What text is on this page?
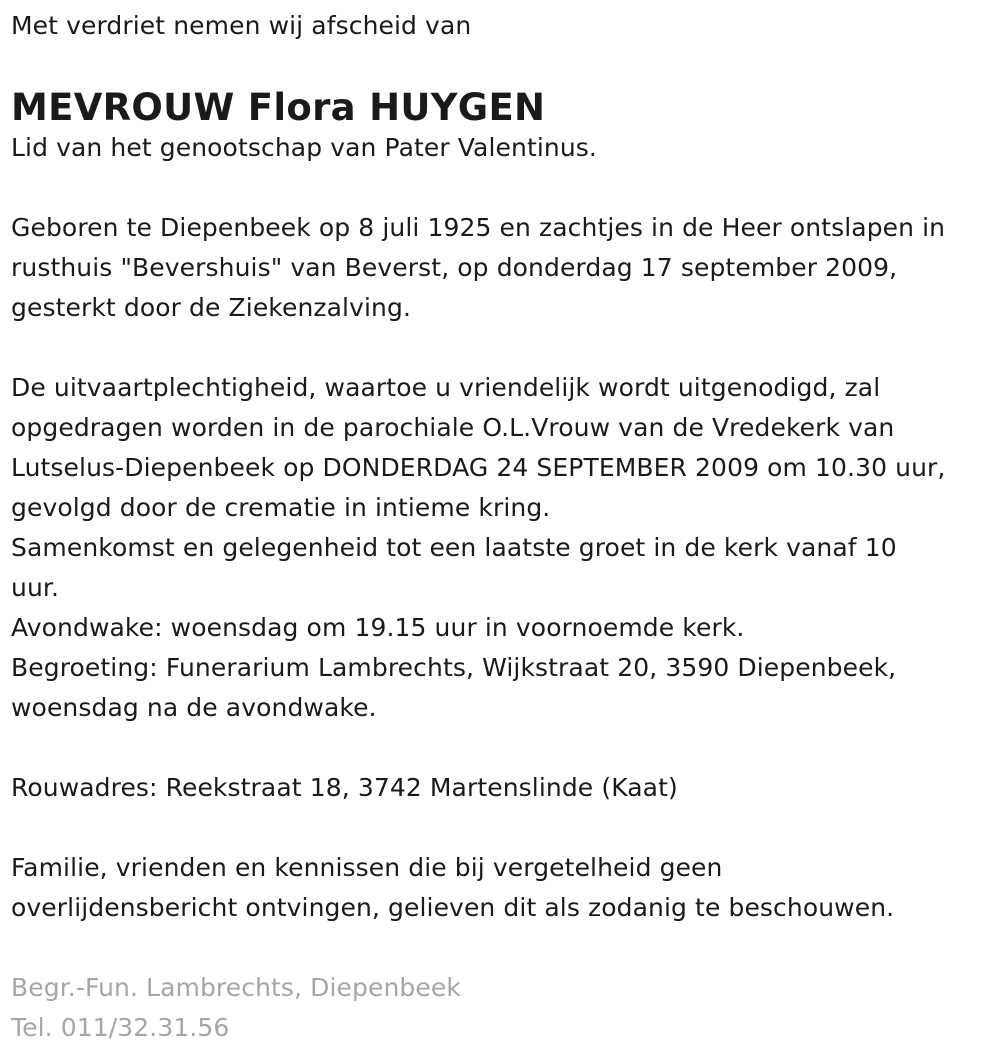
Met verdriet nemen wij afscheid van
MEVROUW Flora HUYGEN
Lid van het genootschap van Pater Valentinus.
Geboren te Diepenbeek op 8 juli 1925 en zachtjes in de Heer ontslapen in
rusthuis "Bevershuis" van Beverst, op donderdag 17 september 2009,
gesterkt door de Ziekenzalving.
De uitvaartplechtigheid, waartoe u vriendelijk wordt uitgenodigd, zal
opgedragen worden in de parochiale O.L.Vrouw van de Vredekerk van
Lutselus-Diepenbeek op DONDERDAG 24 SEPTEMBER 2009 om 10.30 uur,
gevolgd door de crematie in intieme kring.
Samenkomst en gelegenheid tot een laatste groet in de kerk vanaf 10
uur.
Avondwake: woensdag om 19.15 uur in voornoemde kerk.
Begroeting: Funerarium Lambrechts, Wijkstraat 20, 3590 Diepenbeek,
woensdag na de avondwake.
Rouwadres: Reekstraat 18, 3742 Martenslinde (Kaat)
Familie, vrienden en kennissen die bij vergetelheid geen
overlijdensbericht ontvingen, gelieven dit als zodanig te beschouwen.
Begr.-Fun. Lambrechts, Diepenbeek
Tel. 011/32.31.56
